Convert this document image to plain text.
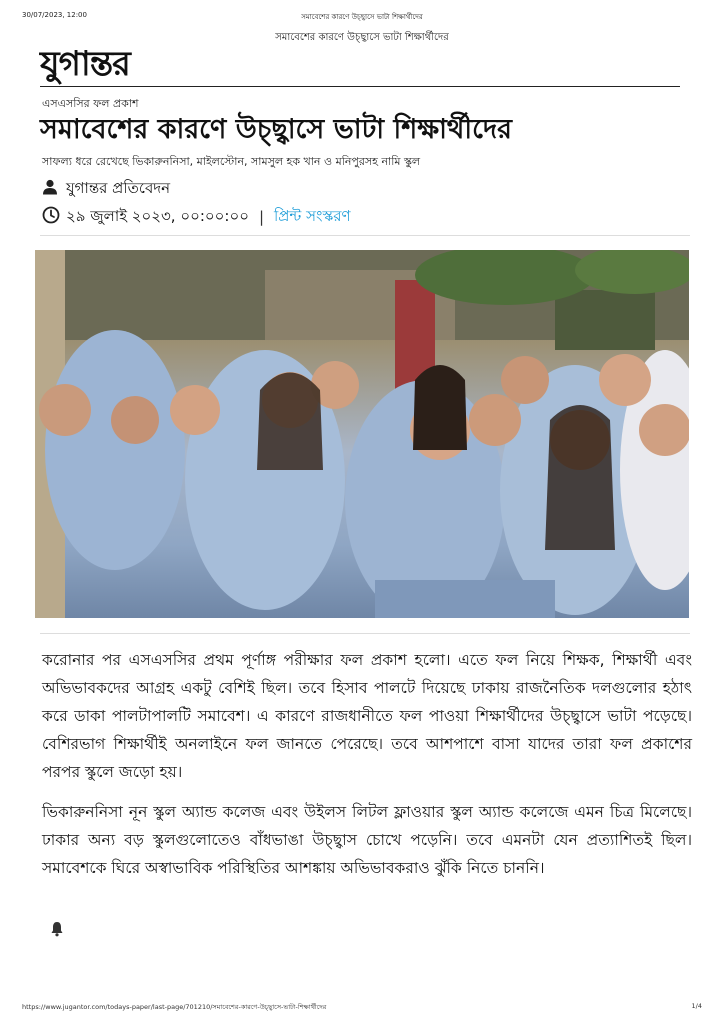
30/07/2023, 12:00	সমাবেশের কারণে উচ্ছ্বাসে ভাটা শিক্ষার্থীদের
সমাবেশের কারণে উচ্ছ্বাসে ভাটা শিক্ষার্থীদের
যুগান্তর
এসএসসির ফল প্রকাশ
সমাবেশের কারণে উচ্ছ্বাসে ভাটা শিক্ষার্থীদের
সাফল্য ধরে রেখেছে ভিকারুননিসা, মাইলস্টোন, সামসুল হক খান ও মনিপুরসহ নামি স্কুল
যুগান্তর প্রতিবেদন
২৯ জুলাই ২০২৩, ০০:০০:০০ | প্রিন্ট সংস্করণ

করোনার পর এসএসসির প্রথম পূর্ণাঙ্গ পরীক্ষার ফল প্রকাশ হলো। এতে ফল নিয়ে শিক্ষক, শিক্ষার্থী এবং অভিভাবকদের আগ্রহ একটু বেশিই ছিল। তবে হিসাব পালটে দিয়েছে ঢাকায় রাজনৈতিক দলগুলোর হঠাৎ করে ডাকা পালটাপালটি সমাবেশ। এ কারণে রাজধানীতে ফল পাওয়া শিক্ষার্থীদের উচ্ছ্বাসে ভাটা পড়েছে। বেশিরভাগ শিক্ষার্থীই অনলাইনে ফল জানতে পেরেছে। তবে আশপাশে বাসা যাদের তারা ফল প্রকাশের পরপর স্কুলে জড়ো হয়।

ভিকারুননিসা নূন স্কুল অ্যান্ড কলেজ এবং উইলস লিটল ফ্লাওয়ার স্কুল অ্যান্ড কলেজে এমন চিত্র মিলেছে। ঢাকার অন্য বড় স্কুলগুলোতেও বাঁধভাঙা উচ্ছ্বাস চোখে পড়েনি। তবে এমনটা যেন প্রত্যাশিতই ছিল। সমাবেশকে ঘিরে অস্বাভাবিক পরিস্থিতির আশঙ্কায় অভিভাবকরাও ঝুঁকি নিতে চাননি।

https://www.jugantor.com/todays-paper/last-page/701210/সমাবেশের-কারণে-উচ্ছ্বাসে-ভাটা-শিক্ষার্থীদের	1/4
